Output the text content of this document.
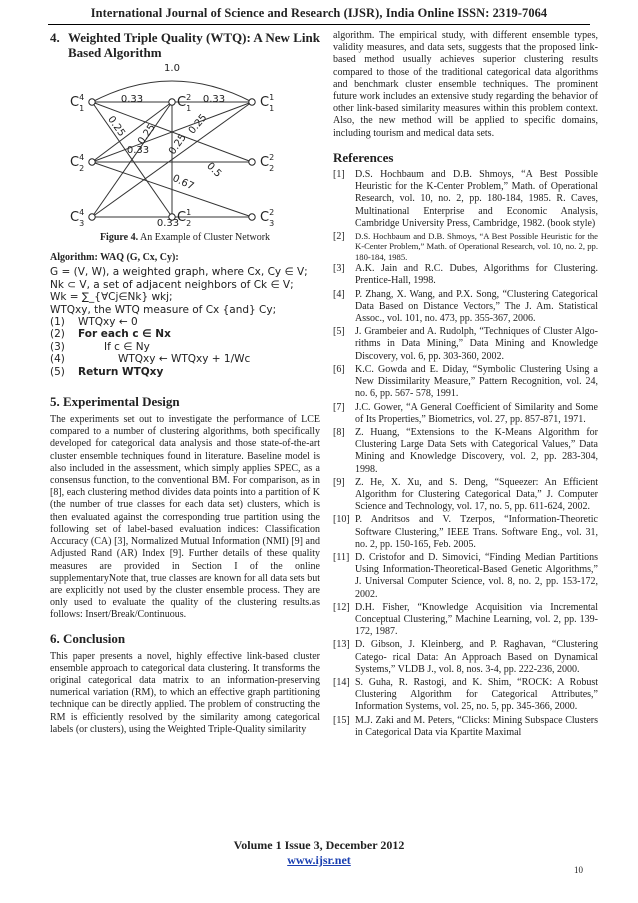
International Journal of Science and Research (IJSR), India Online ISSN: 2319-7064
4. Weighted Triple Quality (WTQ): A New Link Based Algorithm
$C^4$ 1	$C^2$ 1	$C^1$ 1
$C^4$ 2	$C^2$ 2
$C^4$ 3	$C^1$ 2	$C^2$ 3
1.0
0.33	0.33
0.25 0.25
0.33
0.25
0.25
0.5
0.67
0.33
Figure 4. An Example of Cluster Network
Algorithm: WAQ (G, Cx, Cy):
G = (V, W), a weighted graph, where Cx, Cy ∈ V;
Nk ⊂ V, a set of adjacent neighbors of Ck ∈ V;
Wk = ∑_{∀Cj∈Nk} wkj;
WTQxy, the WTQ measure of Cx {and} Cy;
(1)	WTQxy ← 0
(2)	For each c ∈ Nx
(3)	If c ∈ Ny
(4)	WTQxy ← WTQxy + 1/Wc
(5)	Return WTQxy
5. Experimental Design

The experiments set out to investigate the performance of LCE compared to a number of clustering algorithms, both specifically developed for categorical data analysis and those state-of-the-art cluster ensemble techniques found in literature. Baseline model is also included in the assessment, which simply applies SPEC, as a consensus function, to the conventional BM. For comparison, as in [8], each clustering method divides data points into a partition of K (the number of true classes for each data set) clusters, which is then evaluated against the corresponding true partition using the following set of label-based evaluation indices: Classification Accuracy (CA) [3], Normalized Mutual Information (NMI) [9] and Adjusted Rand (AR) Index [9]. Further details of these quality measures are provided in Section I of the online supplementaryNote that, true classes are known for all data sets but are explicitly not used by the cluster ensemble process. They are only used to evaluate the quality of the clustering results.as follows: Insert/Break/Continuous.

6. Conclusion

This paper presents a novel, highly effective link-based cluster ensemble approach to categorical data clustering. It transforms the original categorical data matrix to an information-preserving numerical variation (RM), to which an effective graph partitioning technique can be directly applied. The problem of constructing the RM is efficiently resolved by the similarity among categorical labels (or clusters), using the Weighted Triple-Quality similarity

algorithm. The empirical study, with different ensemble types, validity measures, and data sets, suggests that the proposed link-based method usually achieves superior clustering results compared to those of the traditional categorical data algorithms and benchmark cluster ensemble techniques. The prominent future work includes an extensive study regarding the behavior of other link-based similarity measures within this problem context. Also, the new method will be applied to specific domains, including tourism and medical data sets.

References
[1]	D.S. Hochbaum and D.B. Shmoys, “A Best Possible Heuristic for the K-Center Problem,” Math. of Operational Research, vol. 10, no. 2, pp. 180-184, 1985. R. Caves, Multinational Enterprise and Economic Analysis, Cambridge University Press, Cambridge, 1982. (book style)
[2]	D.S. Hochbaum and D.B. Shmoys, “A Best Possible Heuristic for the K-Center Problem,” Math. of Operational Research, vol. 10, no. 2, pp. 180-184, 1985.
[3]	A.K. Jain and R.C. Dubes, Algorithms for Clustering. Prentice-Hall, 1998.
[4]	P. Zhang, X. Wang, and P.X. Song, “Clustering Categorical Data Based on Distance Vectors,” The J. Am. Statistical Assoc., vol. 101, no. 473, pp. 355-367, 2006.
[5]	J. Grambeier and A. Rudolph, “Techniques of Cluster Algo- rithms in Data Mining,” Data Mining and Knowledge Discovery, vol. 6, pp. 303-360, 2002.
[6]	K.C. Gowda and E. Diday, “Symbolic Clustering Using a New Dissimilarity Measure,” Pattern Recognition, vol. 24, no. 6, pp. 567- 578, 1991.
[7]	J.C. Gower, “A General Coefficient of Similarity and Some of Its Properties,” Biometrics, vol. 27, pp. 857-871, 1971.
[8]	Z. Huang, “Extensions to the K-Means Algorithm for Clustering Large Data Sets with Categorical Values,” Data Mining and Knowledge Discovery, vol. 2, pp. 283-304, 1998.
[9]	Z. He, X. Xu, and S. Deng, “Squeezer: An Efficient Algorithm for Clustering Categorical Data,” J. Computer Science and Technology, vol. 17, no. 5, pp. 611-624, 2002.
[10] P. Andritsos and V. Tzerpos, “Information-Theoretic Software Clustering,” IEEE Trans. Software Eng., vol. 31, no. 2, pp. 150-165, Feb. 2005.
[11] D. Cristofor and D. Simovici, “Finding Median Partitions Using Information-Theoretical-Based Genetic Algorithms,” J. Universal Computer Science, vol. 8, no. 2, pp. 153-172, 2002.
[12] D.H. Fisher, “Knowledge Acquisition via Incremental Conceptual Clustering,” Machine Learning, vol. 2, pp. 139-172, 1987.
[13] D. Gibson, J. Kleinberg, and P. Raghavan, “Clustering Catego- rical Data: An Approach Based on Dynamical Systems,” VLDB J., vol. 8, nos. 3-4, pp. 222-236, 2000.
[14] S. Guha, R. Rastogi, and K. Shim, “ROCK: A Robust Clustering Algorithm for Categorical Attributes,” Information Systems, vol. 25, no. 5, pp. 345-366, 2000.
[15] M.J. Zaki and M. Peters, “Clicks: Mining Subspace Clusters in Categorical Data via Kpartite Maximal
Volume 1 Issue 3, December 2012
www.ijsr.net
10
